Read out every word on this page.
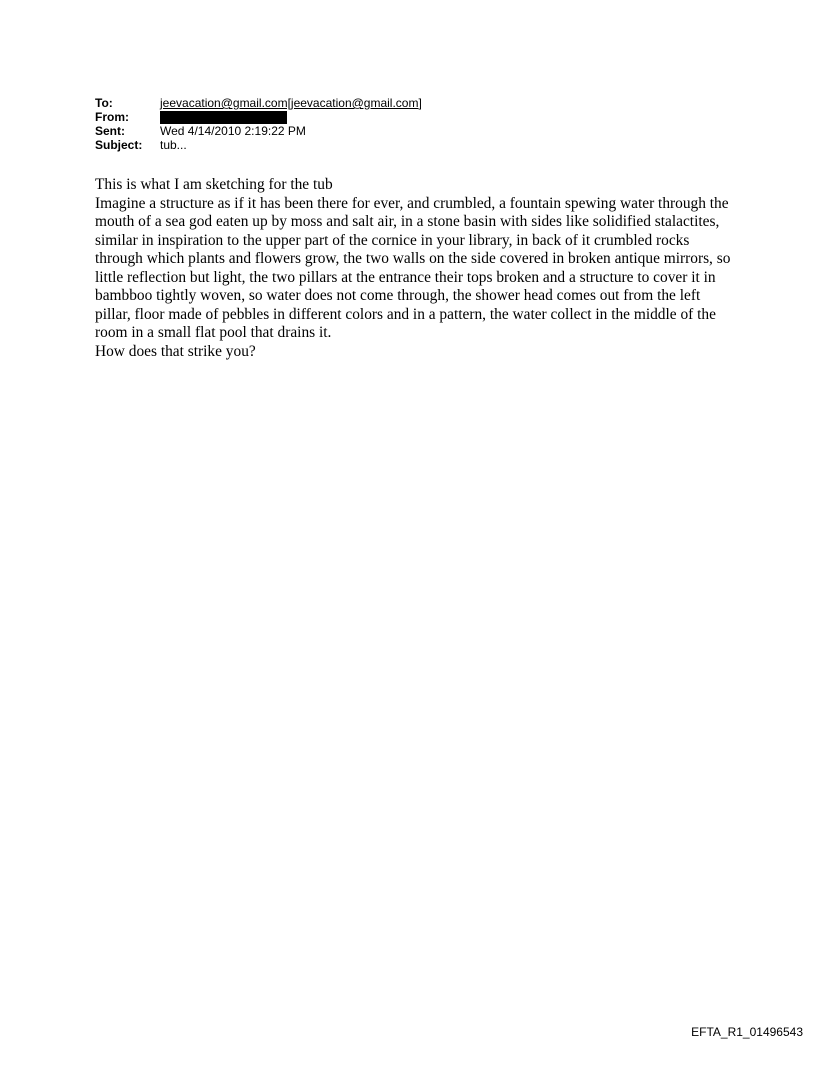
To:	jeevacation@gmail.com[jeevacation@gmail.com]
From:
Sent:	Wed 4/14/2010 2:19:22 PM
Subject:	tub...

This is what I am sketching for the tub

Imagine a structure as if it has been there for ever, and crumbled, a fountain spewing water through the mouth of a sea god eaten up by moss and salt air, in a stone basin with sides like solidified stalactites, similar in inspiration to the upper part of the cornice in your library, in back of it crumbled rocks through which plants and flowers grow, the two walls on the side covered in broken antique mirrors, so little reflection but light, the two pillars at the entrance their tops broken and a structure to cover it in bambboo tightly woven, so water does not come through, the shower head comes out from the left pillar, floor made of pebbles in different colors and in a pattern, the water collect in the middle of the room in a small flat pool that drains it.

How does that strike you?

EFTA_R1_01496543
